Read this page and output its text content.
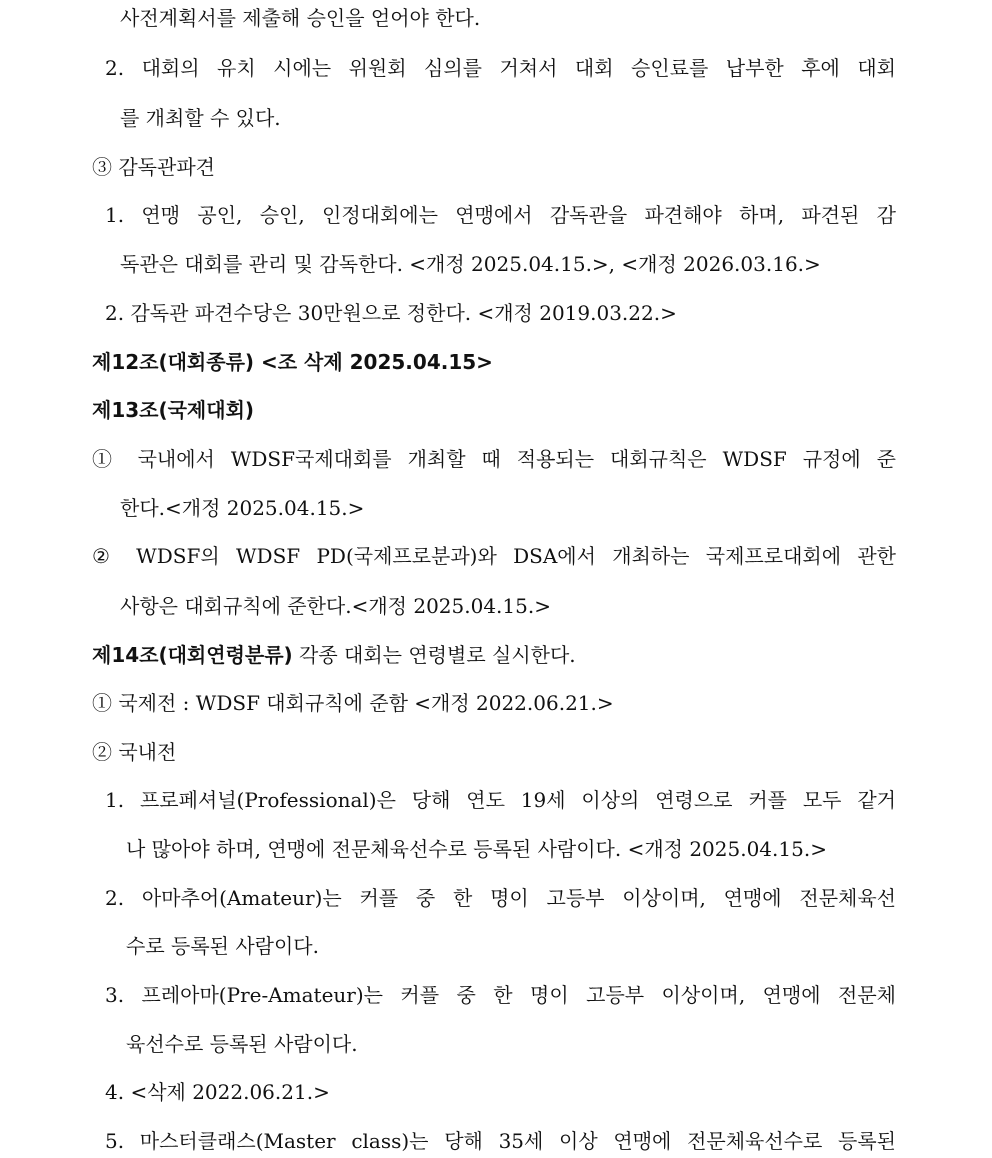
사전계획서를 제출해 승인을 얻어야 한다.
2. 대회의 유치 시에는 위원회 심의를 거쳐서 대회 승인료를 납부한 후에 대회
를 개최할 수 있다.
③ 감독관파견
1. 연맹 공인, 승인, 인정대회에는 연맹에서 감독관을 파견해야 하며, 파견된 감
독관은 대회를 관리 및 감독한다. <개정 2025.04.15.>, <개정 2026.03.16.>
2. 감독관 파견수당은 30만원으로 정한다. <개정 2019.03.22.>
제12조(대회종류) <조 삭제 2025.04.15>
제13조(국제대회)
① 국내에서 WDSF국제대회를 개최할 때 적용되는 대회규칙은 WDSF 규정에 준
한다.<개정 2025.04.15.>
② WDSF의 WDSF PD(국제프로분과)와 DSA에서 개최하는 국제프로대회에 관한
사항은 대회규칙에 준한다.<개정 2025.04.15.>
제14조(대회연령분류) 각종 대회는 연령별로 실시한다.
① 국제전 : WDSF 대회규칙에 준함 <개정 2022.06.21.>
② 국내전
1. 프로페셔널(Professional)은 당해 연도 19세 이상의 연령으로 커플 모두 같거
나 많아야 하며, 연맹에 전문체육선수로 등록된 사람이다. <개정 2025.04.15.>
2. 아마추어(Amateur)는 커플 중 한 명이 고등부 이상이며, 연맹에 전문체육선
수로 등록된 사람이다.
3. 프레아마(Pre-Amateur)는 커플 중 한 명이 고등부 이상이며, 연맹에 전문체
육선수로 등록된 사람이다.
4. <삭제 2022.06.21.>
5. 마스터클래스(Master class)는 당해 35세 이상 연맹에 전문체육선수로 등록된
